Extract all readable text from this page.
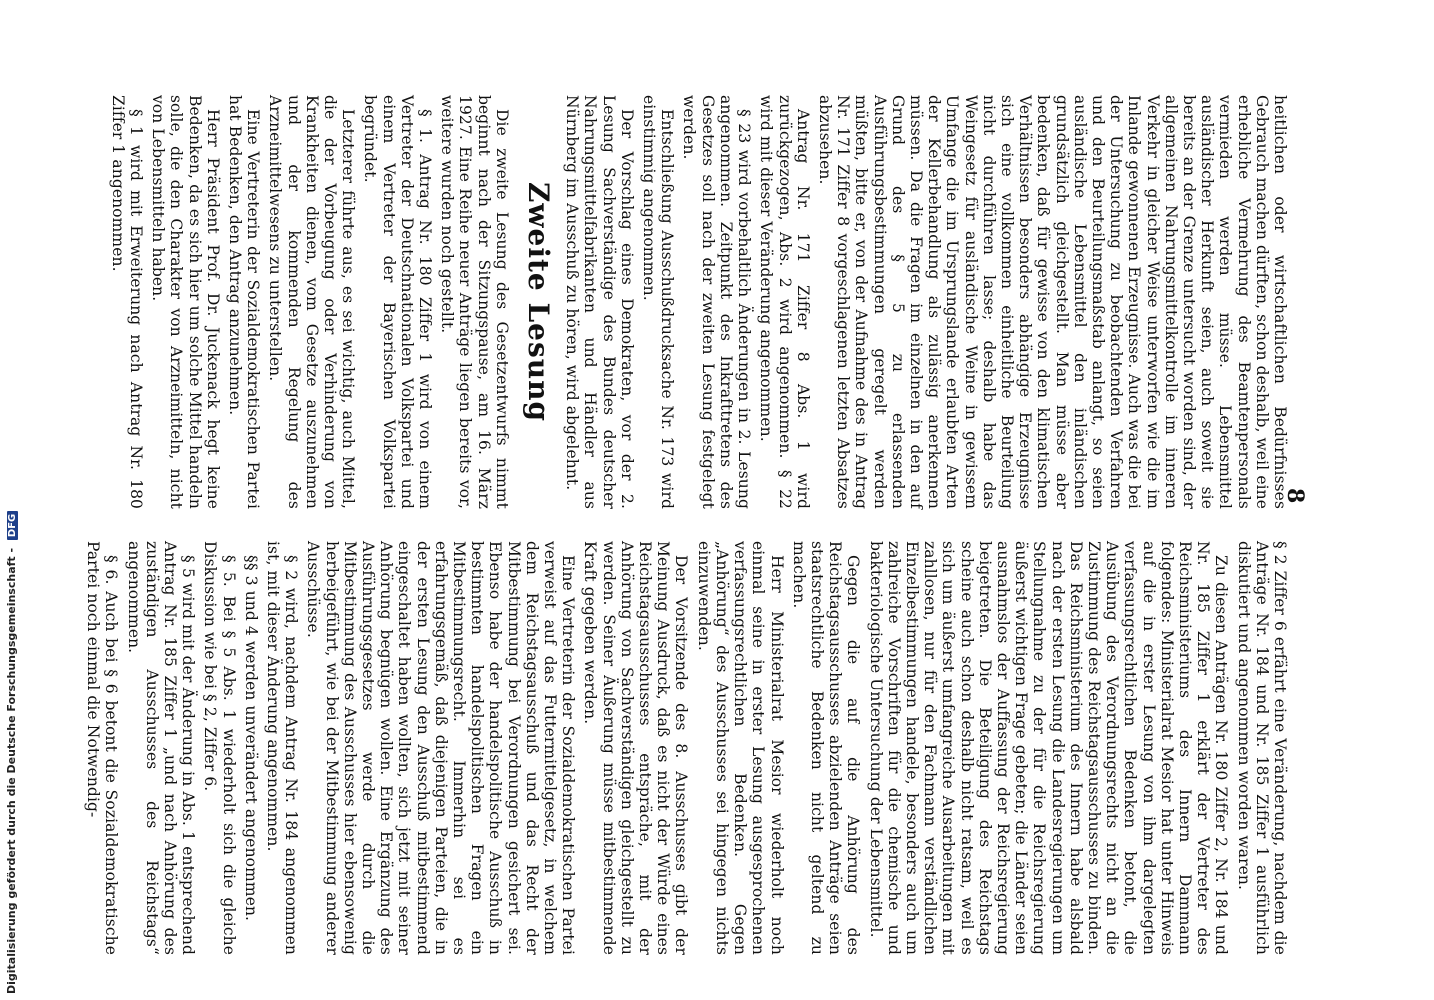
8

heitlichen oder wirtschaftlichen Bedürfnisses Gebrauch machen dürften, schon deshalb, weil eine erhebliche Vermehrung des Beamtenpersonals vermieden werden müsse. Lebensmittel ausländischer Herkunft seien, auch soweit sie bereits an der Grenze untersucht worden sind, der allgemeinen Nahrungsmittelkontrolle im inneren Verkehr in gleicher Weise unterworfen wie die im Inlande gewonnenen Erzeugnisse. Auch was die bei der Untersuchung zu beobachtenden Verfahren und den Beurteilungsmaßstab anlangt, so seien ausländische Lebensmittel den inländischen grundsätzlich gleichgestellt. Man müsse aber bedenken, daß für gewisse von den klimatischen Verhältnissen besonders abhängige Erzeugnisse sich eine vollkommen einheitliche Beurteilung nicht durchführen lasse; deshalb habe das Weingesetz für ausländische Weine in gewissem Umfange die im Ursprungslande erlaubten Arten der Kellerbehandlung als zulässig anerkennen müssen. Da die Fragen im einzelnen in den auf Grund des § 5 zu erlassenden Ausführungsbestimmungen geregelt werden müßten, bitte er, von der Aufnahme des in Antrag Nr. 171 Ziffer 8 vorgeschlagenen letzten Absatzes abzusehen.

Antrag Nr. 171 Ziffer 8 Abs. 1 wird zurückgezogen, Abs. 2 wird angenommen. § 22 wird mit dieser Veränderung angenommen.

§ 23 wird vorbehaltlich Änderungen in 2. Lesung angenommen. Zeitpunkt des Inkrafttretens des Gesetzes soll nach der zweiten Lesung festgelegt werden.

Entschließung Ausschußdrucksache Nr. 173 wird einstimmig angenommen.

Der Vorschlag eines Demokraten, vor der 2. Lesung Sachverständige des Bundes deutscher Nahrungsmittelfabrikanten und Händler aus Nürnberg im Ausschuß zu hören, wird abgelehnt.

Zweite Lesung

Die zweite Lesung des Gesetzentwurfs nimmt beginnt nach der Sitzungspause, am 16. März 1927. Eine Reihe neuer Anträge liegen bereits vor, weitere wurden noch gestellt.

§ 1. Antrag Nr. 180 Ziffer 1 wird von einem Vertreter der Deutschnationalen Volkspartei und einem Vertreter der Bayerischen Volkspartei begründet.

Letzterer führte aus, es sei wichtig, auch Mittel, die der Vorbeugung oder Verhinderung von Krankheiten dienen, vom Gesetze auszunehmen und der kommenden Regelung des Arzneimittelwesens zu unterstellen.

Eine Vertreterin der Sozialdemokratischen Partei hat Bedenken, den Antrag anzunehmen.

Herr Präsident Prof. Dr. Juckenack hegt keine Bedenken, da es sich hier um solche Mittel handeln solle, die den Charakter von Arzneimitteln, nicht von Lebensmitteln haben.

§ 1 wird mit Erweiterung nach Antrag Nr. 180 Ziffer 1 angenommen.

§ 2 Ziffer 6 erfährt eine Veränderung, nachdem die Anträge Nr. 184 und Nr. 185 Ziffer 1 ausführlich diskutiert und angenommen worden waren.

Zu diesen Anträgen Nr. 180 Ziffer 2, Nr. 184 und Nr. 185 Ziffer 1 erklärt der Vertreter des Reichsministeriums des Innern Dammann folgendes: Ministerialrat Mesior hat unter Hinweis auf die in erster Lesung von ihm dargelegten verfassungsrechtlichen Bedenken betont, die Ausübung des Verordnungsrechts nicht an die Zustimmung des Reichstagsausschusses zu binden. Das Reichsministerium des Innern habe alsbald nach der ersten Lesung die Landesregierungen um Stellungnahme zu der für die Reichsregierung äußerst wichtigen Frage gebeten; die Länder seien ausnahmslos der Auffassung der Reichsregierung beigetreten. Die Beteiligung des Reichstags scheine auch schon deshalb nicht ratsam, weil es sich um äußerst umfangreiche Ausarbeitungen mit zahllosen, nur für den Fachmann verständlichen Einzelbestimmungen handele, besonders auch um zahlreiche Vorschriften für die chemische und bakteriologische Untersuchung der Lebensmittel.

Gegen die auf die Anhörung des Reichstagsausschusses abzielenden Anträge seien staatsrechtliche Bedenken nicht geltend zu machen.

Herr Ministerialrat Mesior wiederholt noch einmal seine in erster Lesung ausgesprochenen verfassungsrechtlichen Bedenken. Gegen „Anhörung“ des Ausschusses sei hingegen nichts einzuwenden.

Der Vorsitzende des 8. Ausschusses gibt der Meinung Ausdruck, daß es nicht der Würde eines Reichstagsausschusses entspräche, mit der Anhörung von Sachverständigen gleichgestellt zu werden. Seiner Äußerung müsse mitbestimmende Kraft gegeben werden.

Eine Vertreterin der Sozialdemokratischen Partei verweist auf das Futtermittelgesetz, in welchem dem Reichstagsausschuß und das Recht der Mitbestimmung bei Verordnungen gesichert sei. Ebenso habe der handelspolitische Ausschuß in bestimmten handelspolitischen Fragen ein Mitbestimmungsrecht. Immerhin sei es erfahrungsgemäß, daß diejenigen Parteien, die in der ersten Lesung den Ausschuß mitbestimmend eingeschaltet haben wollten, sich jetzt mit seiner Anhörung begnügen wollen. Eine Ergänzung des Ausführungsgesetzes werde durch die Mitbestimmung des Ausschusses hier ebensowenig herbeigeführt, wie bei der Mitbestimmung anderer Ausschüsse.

§ 2 wird, nachdem Antrag Nr. 184 angenommen ist, mit dieser Änderung angenommen.

§§ 3 und 4 werden unverändert angenommen.

§ 5. Bei § 5 Abs. 1 wiederholt sich die gleiche Diskussion wie bei § 2, Ziffer 6.

§ 5 wird mit der Änderung in Abs. 1 entsprechend Antrag Nr. 185 Ziffer 1 „und nach Anhörung des zuständigen Ausschusses des Reichstags“ angenommen.

§ 6. Auch bei § 6 betont die Sozialdemokratische Partei noch einmal die Notwendig-

Digitalisierung gefördert durch die Deutsche Forschungsgemeinschaft - DFG
